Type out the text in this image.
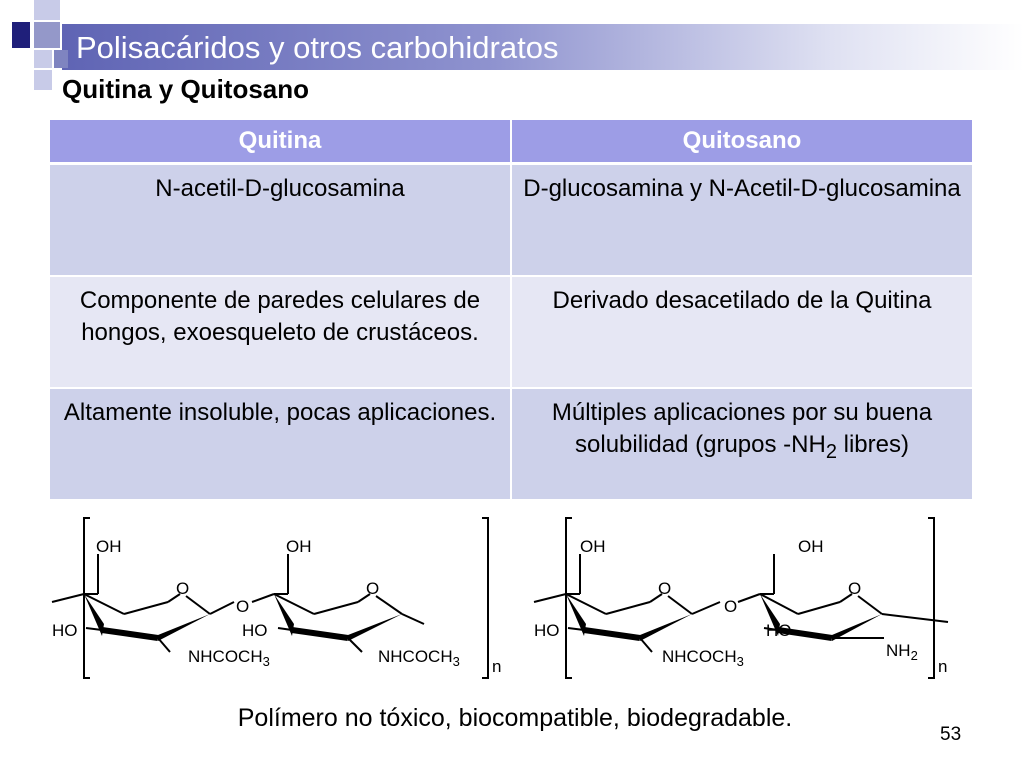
Polisacáridos y otros carbohidratos
Quitina y Quitosano
Quitina	Quitosano
N-acetil-D-glucosamina	D-glucosamina y N-Acetil-D-glucosamina
Componente de paredes celulares de hongos, exoesqueleto de crustáceos.	Derivado desacetilado de la Quitina
Altamente insoluble, pocas aplicaciones.	Múltiples aplicaciones por su buena solubilidad (grupos $-NH_2$ libres)
OH
O
O
HO
$NHCOCH_3$
OH
O
HO
$NHCOCH_3$ n
OH
O
O
HO
$NHCOCH_3$
OH
O
HO
$NH_2$
n
Polímero no tóxico, biocompatible, biodegradable.
53
